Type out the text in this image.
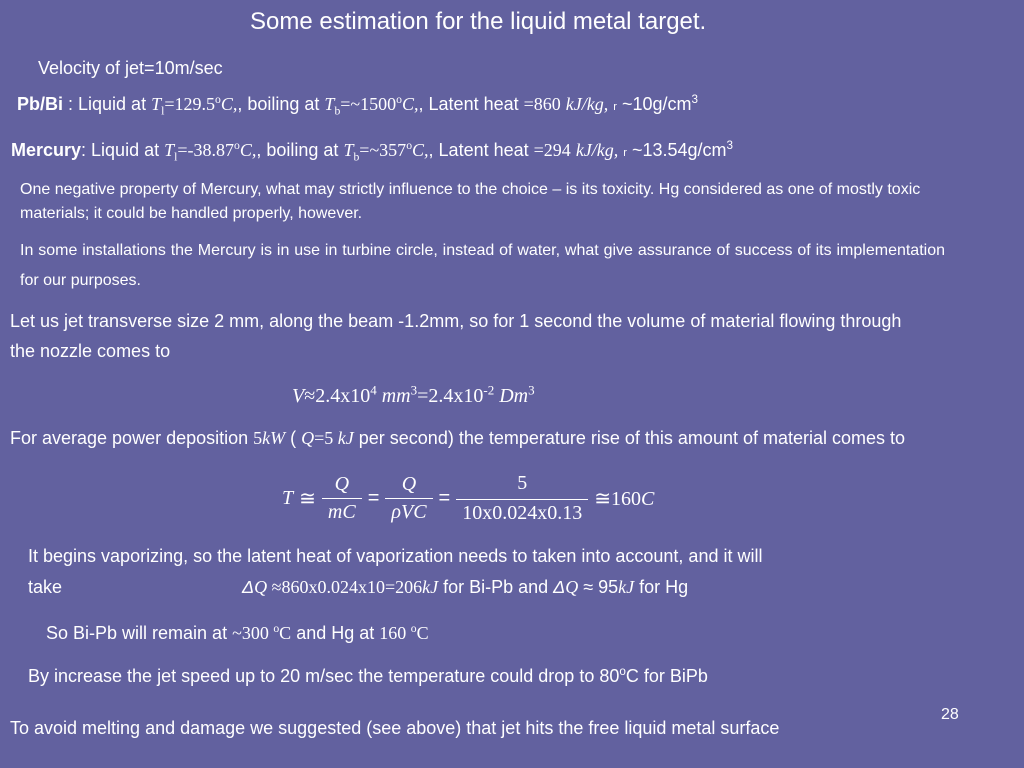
Some estimation for the liquid metal target.
Velocity of jet=10m/sec
Pb/Bi : Liquid at $T_l=129.5^oC$,, boiling at $T_b=\sim 1500^oC$,, Latent heat =860 kJ/kg, r $\sim 10g/cm^3$
Mercury: Liquid at $T_l=-38.87^oC$,, boiling at $T_b=\sim 357^oC$,, Latent heat =294 kJ/kg, r $\sim 13.54g/cm^3$
One negative property of Mercury, what may strictly influence to the choice – is its toxicity. Hg considered as one of mostly toxic materials; it could be handled properly, however.
In some installations the Mercury is in use in turbine circle, instead of water, what give assurance of success of its implementation for our purposes.
Let us jet transverse size 2 mm, along the beam -1.2mm, so for 1 second the volume of material flowing through the nozzle comes to
$V\approx 2.4x10^4$ $mm^3=2.4x10^{-2}$ Dm$^3$
For average power deposition 5kW ( Q=5 kJ per second) the temperature rise of this amount of material comes to
T ≅ $\frac{Q}{mC} = \frac{Q}{\text{ρVC}} = \frac{5}{10x0.024x0.13}$ ≅160C
It begins vaporizing, so the latent heat of vaporization needs to taken into account, and it will
take	ΔQ ≈860x0.024x10=206kJ for Bi-Pb and ΔQ ≈ 95kJ for Hg
So Bi-Pb will remain at ~300 $^o$C and Hg at 160 $^o$C
By increase the jet speed up to 20 m/sec the temperature could drop to 80$^o$C for BiPb
28
To avoid melting and damage we suggested (see above) that jet hits the free liquid metal surface
